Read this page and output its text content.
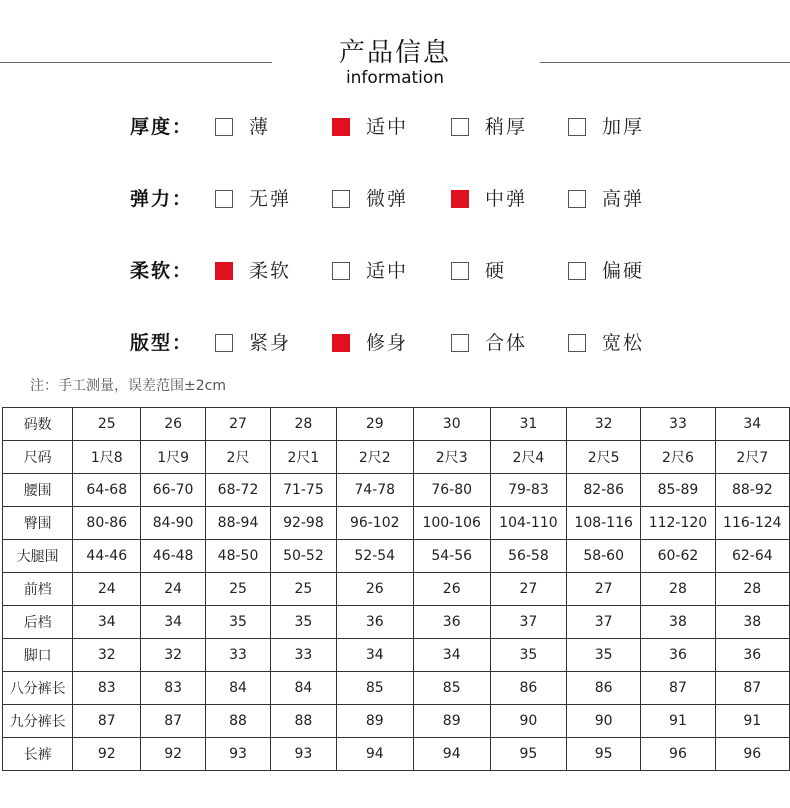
产品信息
information
厚度：	薄	适中	稍厚	加厚
弹力：	无弹	微弹	中弹	高弹
柔软：	柔软	适中	硬	偏硬
版型：	紧身	修身	合体	宽松
注：手工测量，误差范围±2cm
码数	25	26	27	28	29	30	31	32	33	34
尺码	1尺8	1尺9	2尺	2尺1	2尺2	2尺3	2尺4	2尺5	2尺6	2尺7
腰围	64-68	66-70	68-72	71-75	74-78	76-80	79-83	82-86	85-89	88-92
臀围	80-86	84-90	88-94	92-98	96-102	100-106	104-110	108-116	112-120	116-124
大腿围	44-46	46-48	48-50	50-52	52-54	54-56	56-58	58-60	60-62	62-64
前档	24	24	25	25	26	26	27	27	28	28
后档	34	34	35	35	36	36	37	37	38	38
脚口	32	32	33	33	34	34	35	35	36	36
八分裤长	83	83	84	84	85	85	86	86	87	87
九分裤长	87	87	88	88	89	89	90	90	91	91
长裤	92	92	93	93	94	94	95	95	96	96
